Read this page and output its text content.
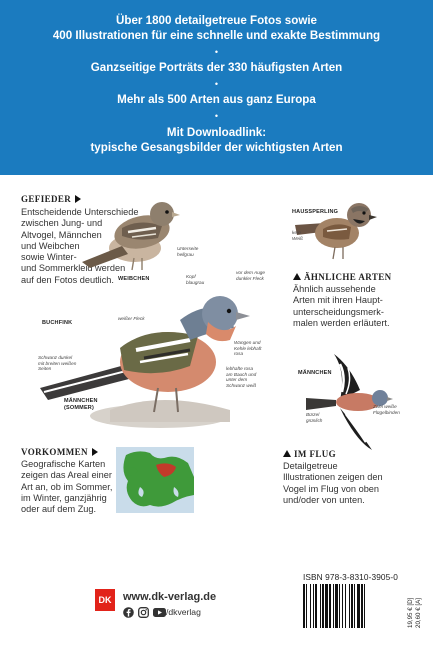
Über 1800 detailgetreue Fotos sowie
400 Illustrationen für eine schnelle und exakte Bestimmung
•
Ganzseitige Porträts der 330 häufigsten Arten
•
Mehr als 500 Arten aus ganz Europa
•
Mit Downloadlink:
typische Gesangsbilder der wichtigsten Arten
GEFIEDER
Entscheidende Unterschiede
zwischen Jung- und
Altvogel, Männchen
und Weibchen
sowie Winter-
und Sommerkleid werden
auf den Fotos deutlich. WEIBCHEN
Unterseite
hellgrau
HAUSSPERLING
kein
Weiß
ÄHNLICHE ARTEN
Ähnlich aussehende
Arten mit ihren Haupt-
unterscheidungsmerk-
malen werden erläutert.
BUCHFINK
Kopf
blaugrau
vor dem Auge
dunkler Fleck
weißer Fleck
Wangen und
Kehle lebhaft
rosa
Schwanz dunkel
mit breiten weißen
Seiten	lebhafte rosa
am Bauch und
unter dem
Schwanz weiß
MÄNNCHEN
(SOMMER)
MÄNNCHEN
Bürzel
grünlich
Zwei weiße
Flügelbinden
VORKOMMEN
Geografische Karten
zeigen das Areal einer
Art an, ob im Sommer,
im Winter, ganzjährig
oder auf dem Zug.
IM FLUG
Detailgetreue
Illustrationen zeigen den
Vogel im Flug von oben
und/oder von unten.
DK www.dk-verlag.de
/dkverlag
ISBN 978-3-8310-3905-0
19,95 € [D] 20,60 € [A]
